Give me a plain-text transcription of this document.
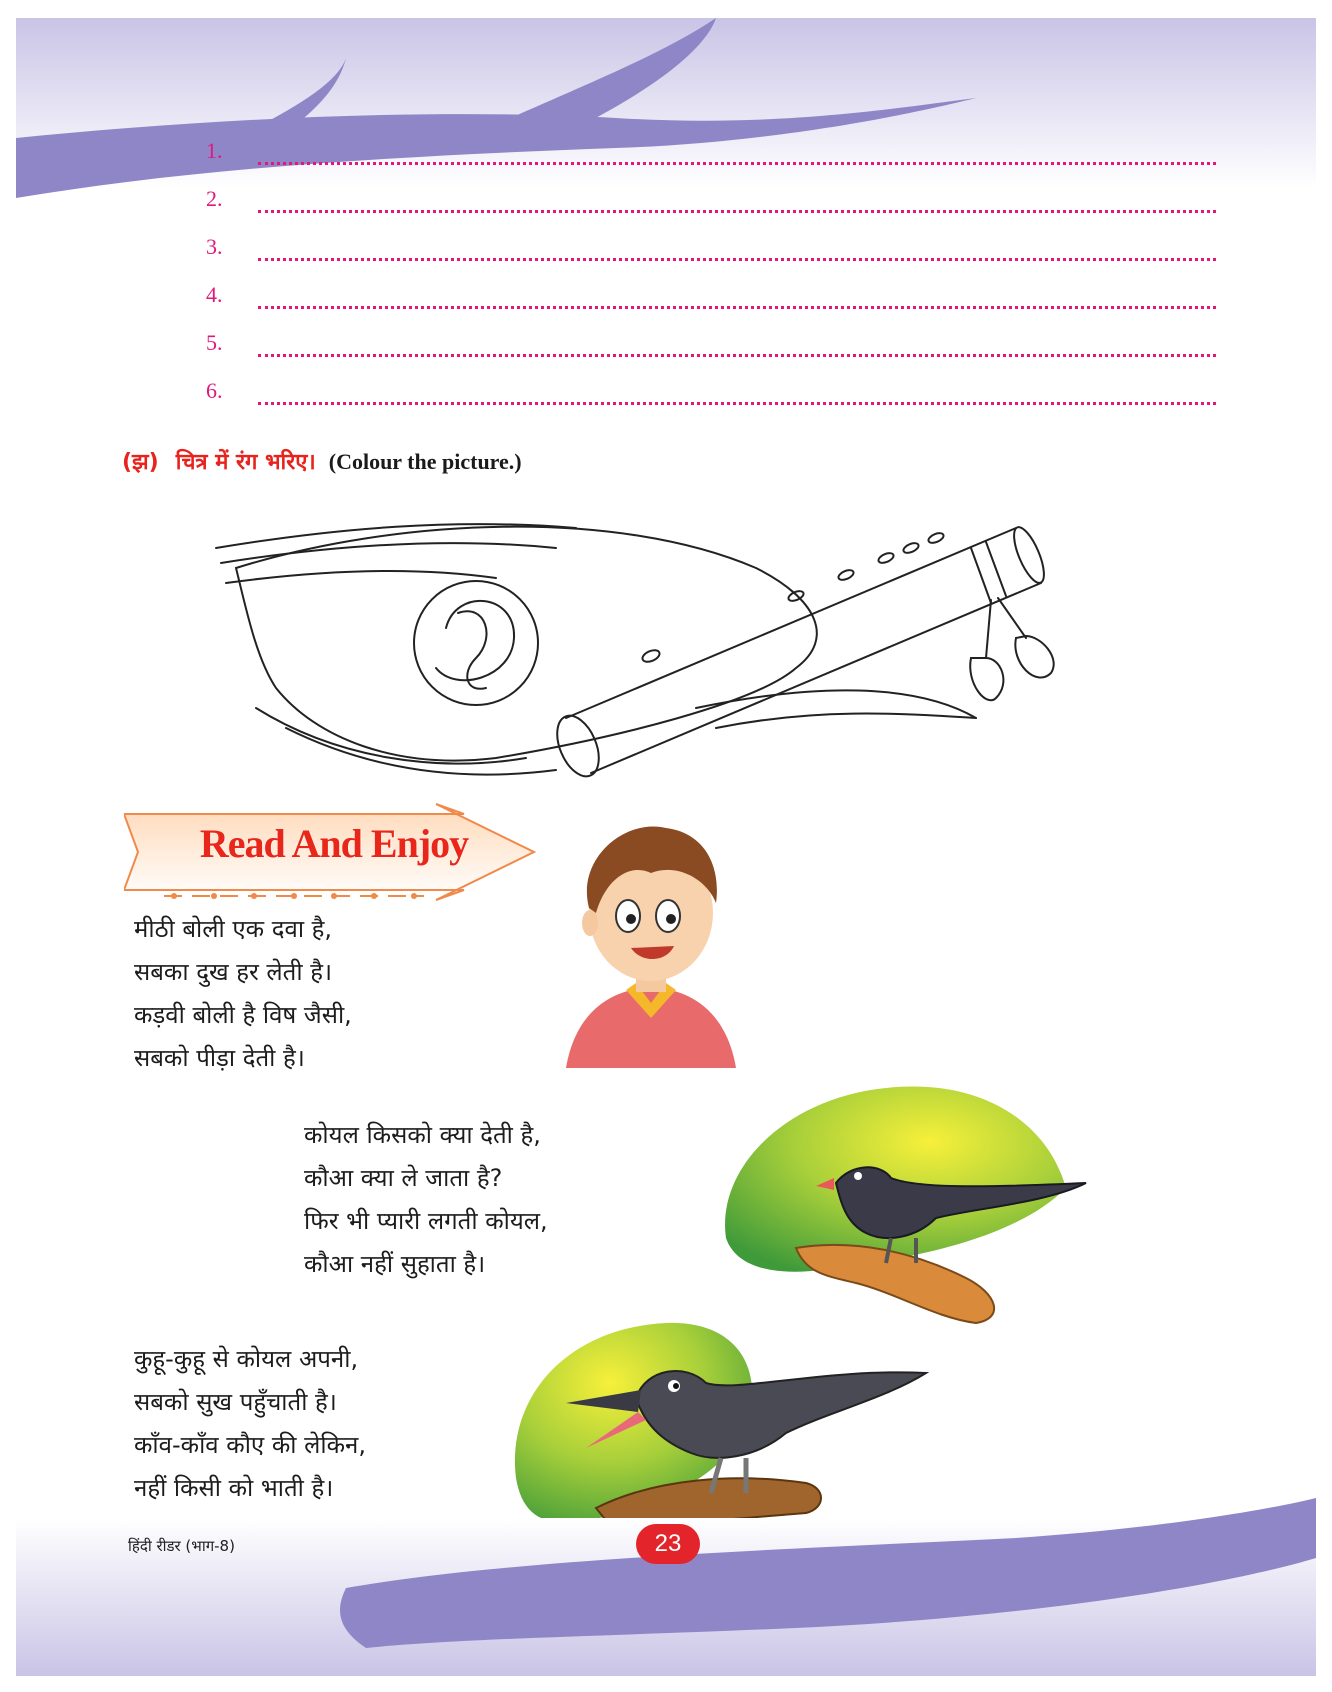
1.
2.
3.
4.
5.
6.
(झ) चित्र में रंग भरिए। (Colour the picture.)
Read And Enjoy
मीठी बोली एक दवा है,
सबका दुख हर लेती है।
कड़वी बोली है विष जैसी,
सबको पीड़ा देती है।
कोयल किसको क्या देती है,
कौआ क्या ले जाता है?
फिर भी प्यारी लगती कोयल,
कौआ नहीं सुहाता है।
कुहू-कुहू से कोयल अपनी,
सबको सुख पहुँचाती है।
काँव-काँव कौए की लेकिन,
नहीं किसी को भाती है।
हिंदी रीडर (भाग-8)	23
